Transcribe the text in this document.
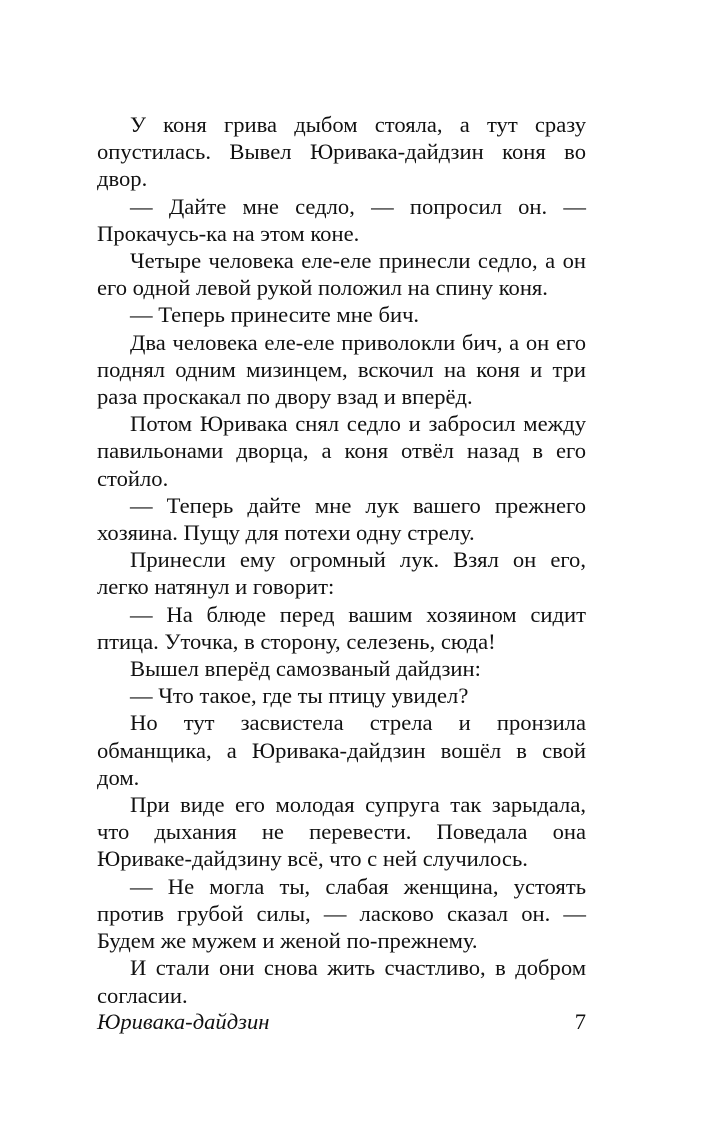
У коня грива дыбом стояла, а тут сразу опустилась. Вывел Юривака-дайдзин коня во двор.

— Дайте мне седло, — попросил он. — Прокачусь-ка на этом коне.

Четыре человека еле-еле принесли седло, а он его одной левой рукой положил на спину коня.

— Теперь принесите мне бич.

Два человека еле-еле приволокли бич, а он его поднял одним мизинцем, вскочил на коня и три раза проскакал по двору взад и вперёд.

Потом Юривака снял седло и забросил между павильонами дворца, а коня отвёл назад в его стойло.

— Теперь дайте мне лук вашего прежнего хозяина. Пущу для потехи одну стрелу.

Принесли ему огромный лук. Взял он его, легко натянул и говорит:

— На блюде перед вашим хозяином сидит птица. Уточка, в сторону, селезень, сюда!

Вышел вперёд самозваный дайдзин:

— Что такое, где ты птицу увидел?

Но тут засвистела стрела и пронзила обманщика, а Юривака-дайдзин вошёл в свой дом.

При виде его молодая супруга так зарыдала, что дыхания не перевести. Поведала она Юриваке-дайдзину всё, что с ней случилось.

— Не могла ты, слабая женщина, устоять против грубой силы, — ласково сказал он. — Будем же мужем и женой по-прежнему.

И стали они снова жить счастливо, в добром согласии.

Юривака-дайдзин	7
